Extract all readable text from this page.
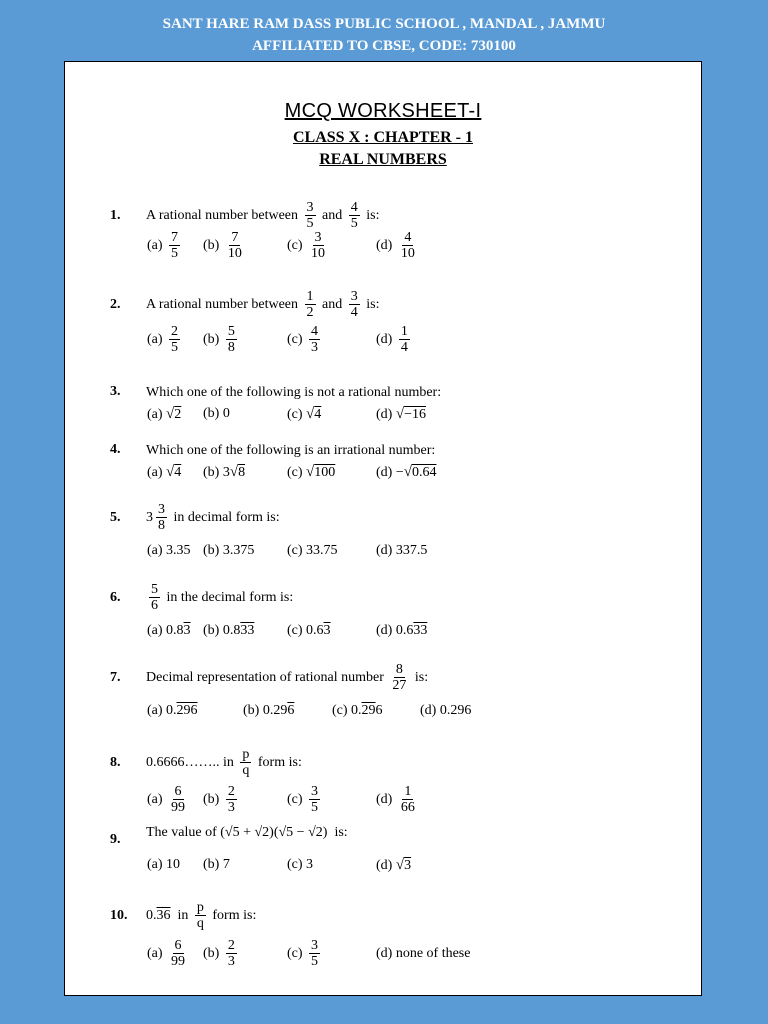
SANT HARE RAM DASS PUBLIC SCHOOL , MANDAL , JAMMU
AFFILIATED TO CBSE, CODE: 730100
MCQ WORKSHEET-I
CLASS X : CHAPTER - 1
REAL NUMBERS
1. A rational number between 3
5
and 4
5
is:
(a) 7
5
(b) 7
10
(c) 3
10
(d) 4
10
2. A rational number between 1
2
and 3
4
is:
(a) 2
5
(b) 5
8
(c) 4
3
(d) 1
4
3. Which one of the following is not a rational number:
(a) √2 (b) 0	(c) √4	(d) √−16
4. Which one of the following is an irrational number:
(a) √4 (b) 3 √8	(c) √100	(d) − √0.64
5. 3 3
8
in decimal form is:
(a) 3.35 (b) 3.375 (c) 33.75	(d) 337.5
6.
5
6
in the decimal form is:
(a) 0.8 3 (b) 0.8 33 (c) 0.6 3	(d) 0.6 33
7. Decimal representation of rational number 8
27
is:
(a) 0. 296	(b) 0.29 6	(c) 0. 29 6	(d) 0.296
8. 0.6666…….. in p
q
form is:
(a) 6
99
(b) 2
3
(c) 3
5
(d) 1
66
9. The value of (√5 + √2)(√5 − √2) is:
(a) 10 (b) 7	(c) 3	(d) √3
10. 0. 36
in p
q
form is:
(a) 6
99
(b) 2
3
(c) 3
5
(d) none of these
